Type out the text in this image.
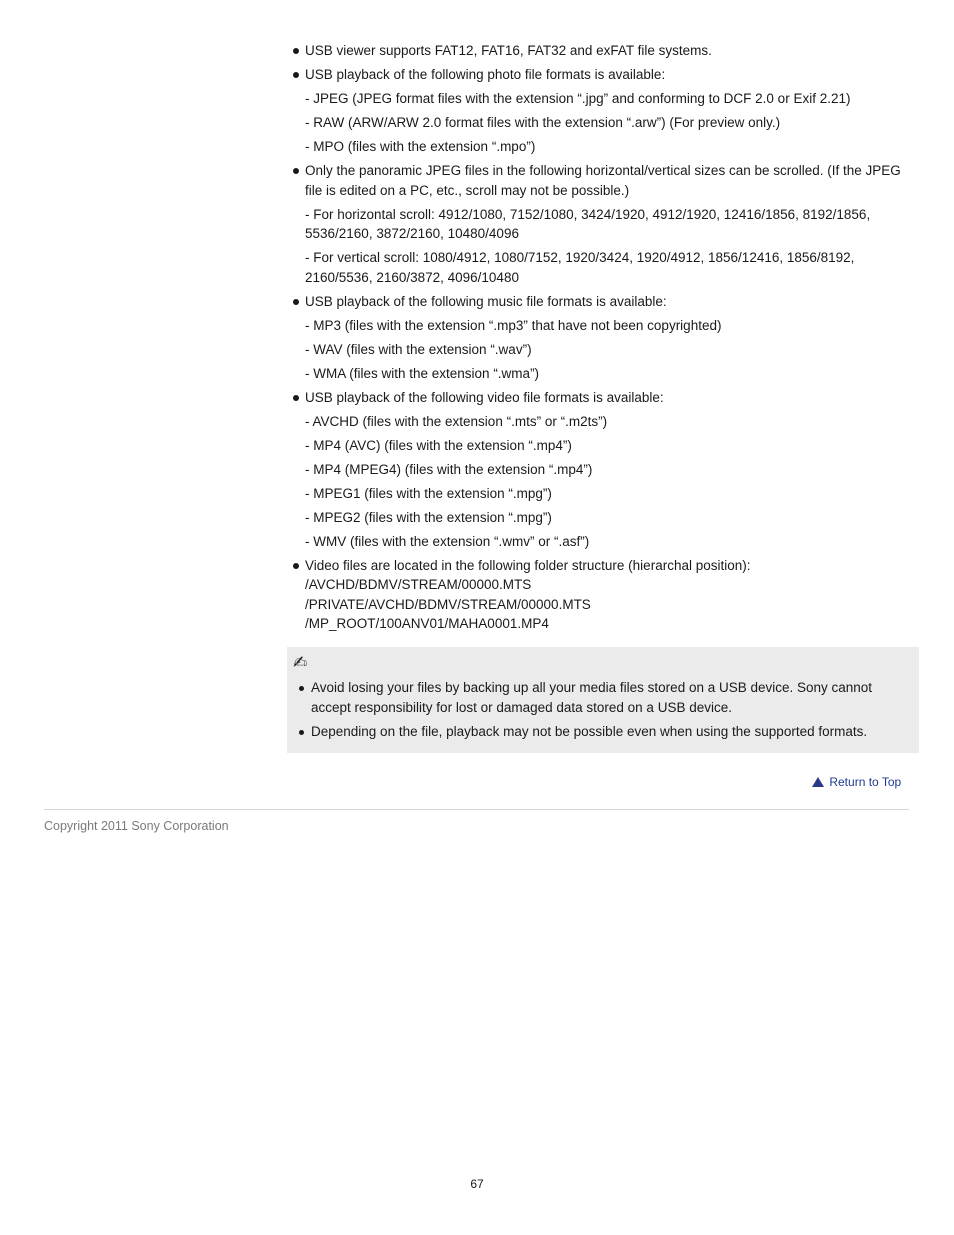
USB viewer supports FAT12, FAT16, FAT32 and exFAT file systems.
USB playback of the following photo file formats is available:
- JPEG (JPEG format files with the extension “.jpg” and conforming to DCF 2.0 or Exif 2.21)
- RAW (ARW/ARW 2.0 format files with the extension “.arw”) (For preview only.)
- MPO (files with the extension “.mpo”)
Only the panoramic JPEG files in the following horizontal/vertical sizes can be scrolled. (If the JPEG file is edited on a PC, etc., scroll may not be possible.)
- For horizontal scroll: 4912/1080, 7152/1080, 3424/1920, 4912/1920, 12416/1856, 8192/1856, 5536/2160, 3872/2160, 10480/4096
- For vertical scroll: 1080/4912, 1080/7152, 1920/3424, 1920/4912, 1856/12416, 1856/8192, 2160/5536, 2160/3872, 4096/10480
USB playback of the following music file formats is available:
- MP3 (files with the extension “.mp3” that have not been copyrighted)
- WAV (files with the extension “.wav”)
- WMA (files with the extension “.wma”)
USB playback of the following video file formats is available:
- AVCHD (files with the extension “.mts” or “.m2ts”)
- MP4 (AVC) (files with the extension “.mp4”)
- MP4 (MPEG4) (files with the extension “.mp4”)
- MPEG1 (files with the extension “.mpg”)
- MPEG2 (files with the extension “.mpg”)
- WMV (files with the extension “.wmv” or “.asf”)
Video files are located in the following folder structure (hierarchal position):
/AVCHD/BDMV/STREAM/00000.MTS
/PRIVATE/AVCHD/BDMV/STREAM/00000.MTS
/MP_ROOT/100ANV01/MAHA0001.MP4
✍
Avoid losing your files by backing up all your media files stored on a USB device. Sony cannot accept responsibility for lost or damaged data stored on a USB device.
Depending on the file, playback may not be possible even when using the supported formats.
Return to Top
Copyright 2011 Sony Corporation
67
